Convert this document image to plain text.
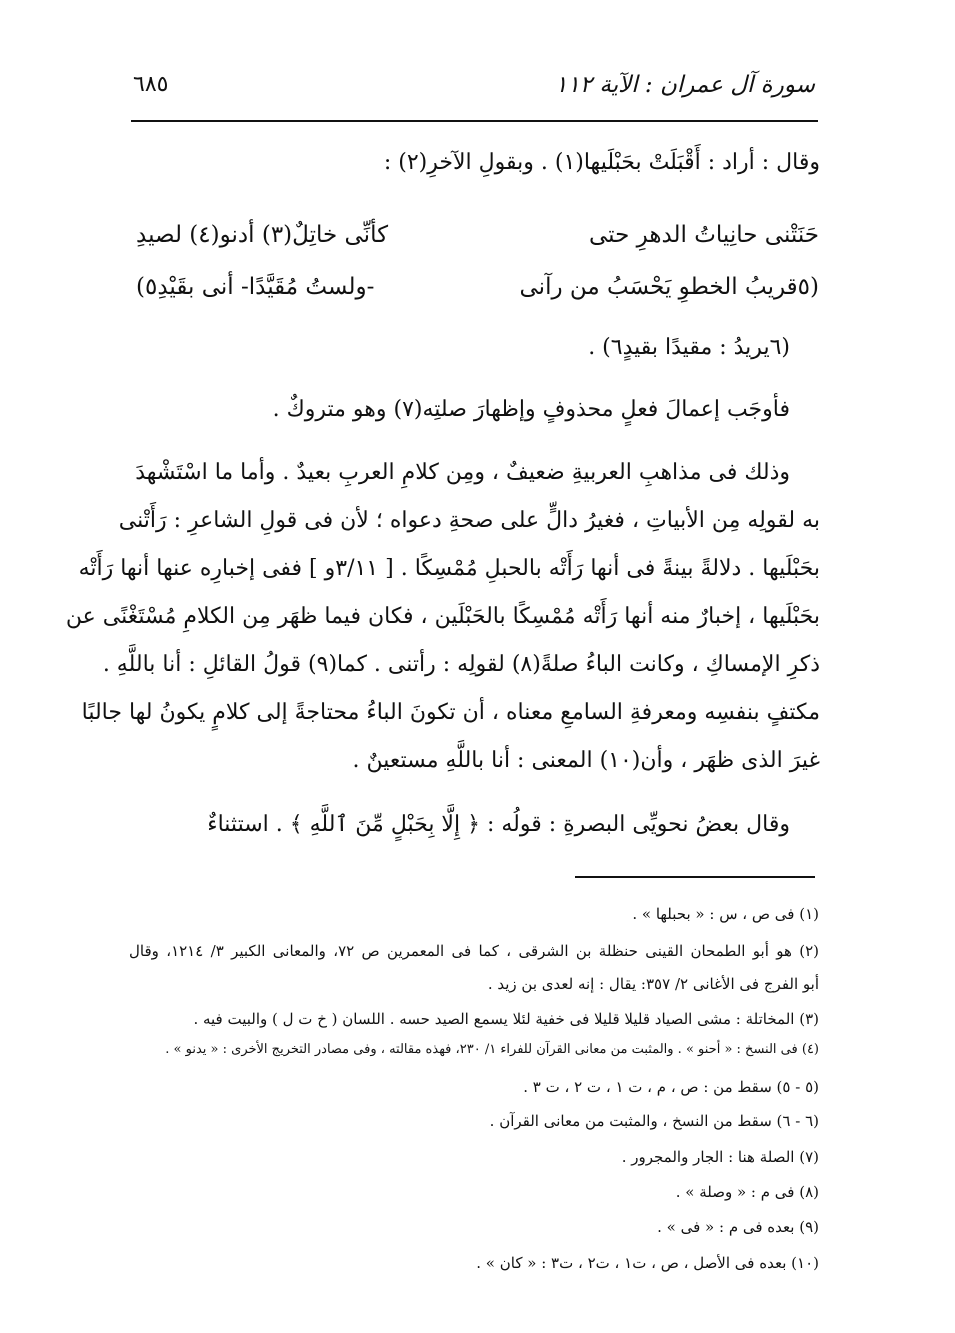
٦٨٥	سورة آل عمران : الآية ١١٢
وقال : أراد : أَقْبَلَتْ بحَبْلَيها(١) . وبقولِ الآخرِ(٢) :
حَنَتْنى حانِياتُ الدهرِ حتى
كأنِّى خاتِلٌ(٣) أدنو(٤) لصيدِ
(٥قريبُ الخطوِ يَحْسَبُ من رآنى
-ولستُ مُقَيَّدًا- أنى بقَيْدِ٥)
(٦يريدُ : مقيدًا بقيدٍ٦) .
فأوجَب إعمالَ فعلٍ محذوفٍ وإظهارَ صلتِه(٧) وهو متروكٌ .
وذلك فى مذاهبِ العربيةِ ضعيفٌ ، ومِن كلامِ العربِ بعيدٌ . وأما ما اسْتَشْهدَ
به لقولِه مِن الأبياتِ ، فغيرُ دالٍّ على صحةِ دعواه ؛ لأن فى قولِ الشاعرِ : رَأَتْنى
بحَبْلَيها . دلالةً بينةً فى أنها رَأَتْه بالحبلِ مُمْسِكًا . [ ٣/١١و ] ففى إخبارِه عنها أنها رَأَتْه
بحَبْلَيها ، إخبارٌ منه أنها رَأَتْه مُمْسِكًا بالحَبْلَين ، فكان فيما ظهَر مِن الكلامِ مُسْتَغْنًى عن
ذكرِ الإمساكِ ، وكانت الباءُ صلةً(٨) لقولِه : رأتنى . كما(٩) قولُ القائلِ : أنا باللَّهِ .
مكتفٍ بنفسِه ومعرفةِ السامعِ معناه ، أن تكونَ الباءُ محتاجةً إلى كلامٍ يكونُ لها جالبًا
غيرَ الذى ظهَر ، وأن(١٠) المعنى : أنا باللَّهِ مستعينٌ .
وقال بعضُ نحويِّى البصرةِ : قولُه : ﴿ إِلَّا بِحَبْلٍ مِّنَ ٱللَّهِ ﴾ . استثناءٌ
(١) فى ص ، س : « بحبلها » .
(٢) هو أبو الطمحان القينى حنظلة بن الشرقى ، كما فى المعمرين ص ٧٢، والمعانى الكبير ٣/ ١٢١٤، وقال
أبو الفرج فى الأغانى ٢/ ٣٥٧: يقال : إنه لعدى بن زيد .
(٣) المخاتلة : مشى الصياد قليلا قليلا فى خفية لئلا يسمع الصيد حسه . اللسان ( خ ت ل ) والبيت فيه .
(٤) فى النسخ : « أحنو » . والمثبت من معانى القرآن للفراء ١/ ٢٣٠، فهذه مقالته ، وفى مصادر التخريج الأخرى : « يدنو » .
(٥ - ٥) سقط من : ص ، م ، ت ١ ، ت ٢ ، ت ٣ .
(٦ - ٦) سقط من النسخ ، والمثبت من معانى القرآن .
(٧) الصلة هنا : الجار والمجرور .
(٨) فى م : « وصلة » .
(٩) بعده فى م : « فى » .
(١٠) بعده فى الأصل ، ص ، ت١ ، ت٢ ، ت٣ : « كان » .
